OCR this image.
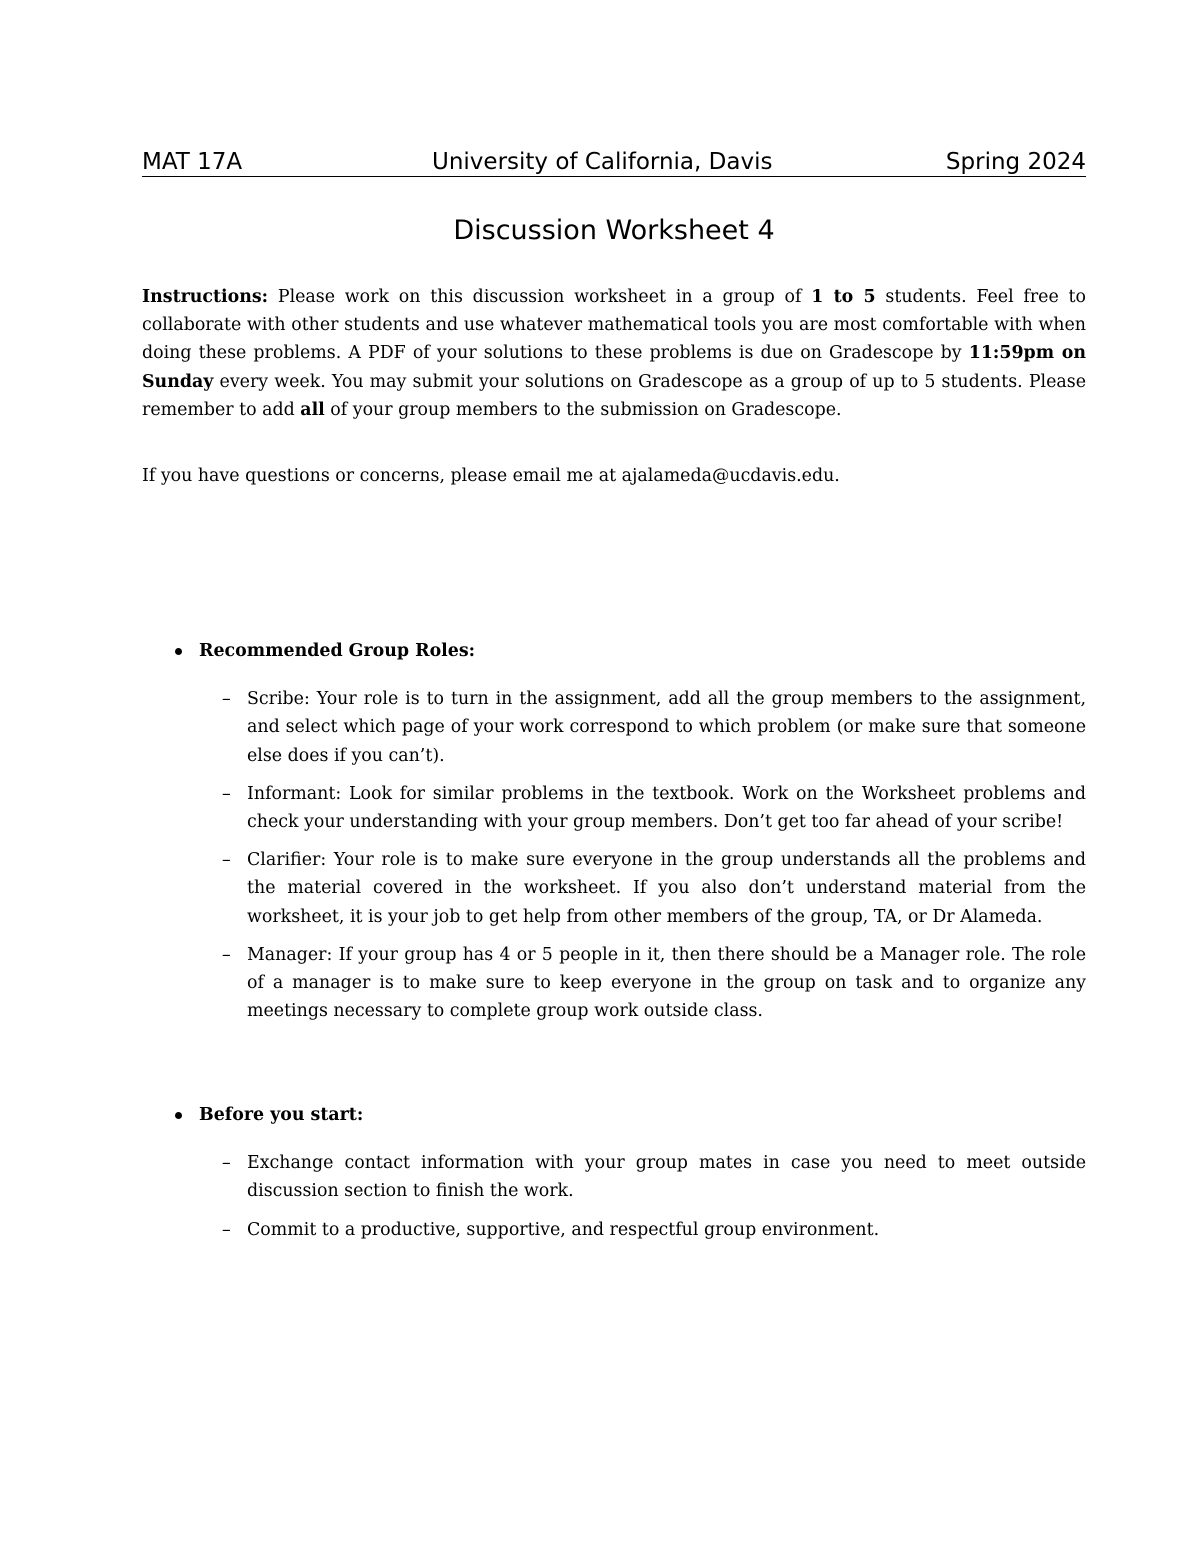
MAT 17A	University of California, Davis	Spring 2024
Discussion Worksheet 4

Instructions: Please work on this discussion worksheet in a group of 1 to 5 students. Feel free to collaborate with other students and use whatever mathematical tools you are most comfortable with when doing these problems. A PDF of your solutions to these problems is due on Gradescope by 11:59pm on Sunday every week. You may submit your solutions on Gradescope as a group of up to 5 students. Please remember to add all of your group members to the submission on Gradescope.

If you have questions or concerns, please email me at ajalameda@ucdavis.edu.

Recommended Group Roles:
– Scribe: Your role is to turn in the assignment, add all the group members to the assignment, and select which page of your work correspond to which problem (or make sure that someone else does if you can’t).
– Informant: Look for similar problems in the textbook. Work on the Worksheet problems and check your understanding with your group members. Don’t get too far ahead of your scribe!
– Clarifier: Your role is to make sure everyone in the group understands all the problems and the material covered in the worksheet. If you also don’t understand material from the worksheet, it is your job to get help from other members of the group, TA, or Dr Alameda.
– Manager: If your group has 4 or 5 people in it, then there should be a Manager role. The role of a manager is to make sure to keep everyone in the group on task and to organize any meetings necessary to complete group work outside class.
Before you start:
– Exchange contact information with your group mates in case you need to meet outside discussion section to finish the work.
– Commit to a productive, supportive, and respectful group environment.
